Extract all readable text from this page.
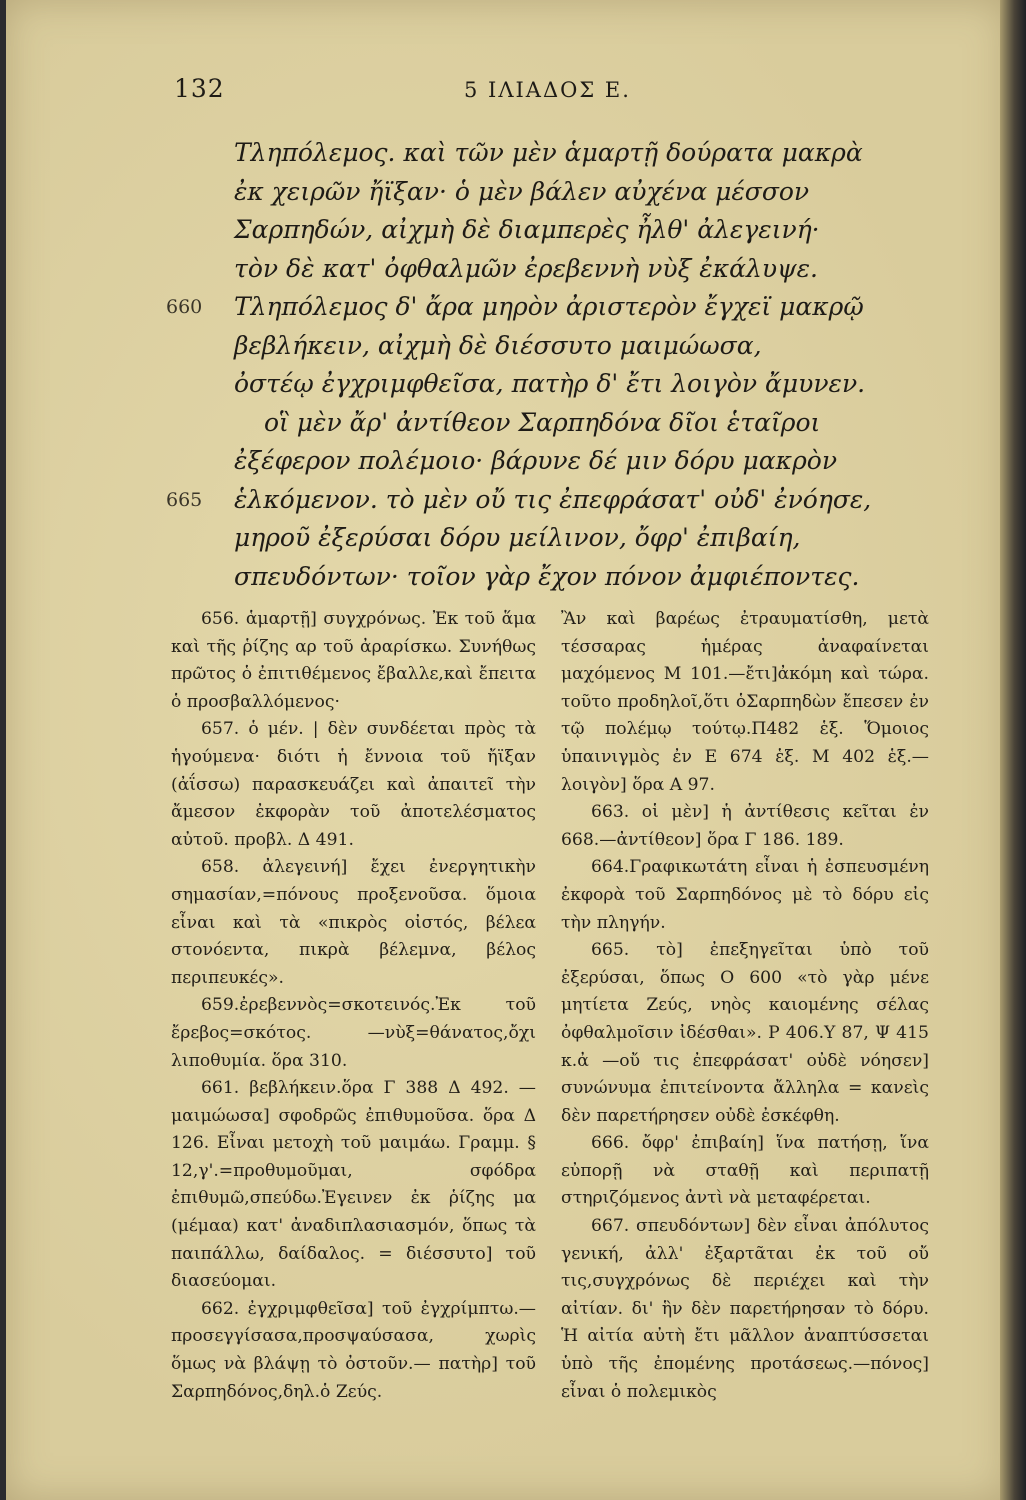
132	5 ΙΛΙΑΔΟΣ Ε.
Τληπόλεμος. καὶ τῶν μὲν ἁμαρτῇ δούρατα μακρὰ
ἐκ χειρῶν ἤϊξαν· ὁ μὲν βάλεν αὐχένα μέσσον
Σαρπηδών, αἰχμὴ δὲ διαμπερὲς ἦλθ' ἀλεγεινή·
τὸν δὲ κατ' ὀφθαλμῶν ἐρεβεννὴ νὺξ ἐκάλυψε.
660 Τληπόλεμος δ' ἄρα μηρὸν ἀριστερὸν ἔγχεϊ μακρῷ
βεβλήκειν, αἰχμὴ δὲ διέσσυτο μαιμώωσα,
ὀστέῳ ἐγχριμφθεῖσα, πατὴρ δ' ἔτι λοιγὸν ἄμυνεν.
οἳ μὲν ἄρ' ἀντίθεον Σαρπηδόνα δῖοι ἑταῖροι
ἐξέφερον πολέμοιο· βάρυνε δέ μιν δόρυ μακρὸν
665 ἑλκόμενον. τὸ μὲν οὔ τις ἐπεφράσατ' οὐδ' ἐνόησε,
μηροῦ ἐξερύσαι δόρυ μείλινον, ὄφρ' ἐπιβαίη,
σπευδόντων· τοῖον γὰρ ἔχον πόνον ἀμφιέποντες.

656. ἁμαρτῇ] συγχρόνως. Ἐκ τοῦ ἅμα καὶ τῆς ῥίζης αρ τοῦ ἀραρίσκω. Συνήθως πρῶτος ὁ ἐπιτιθέμενος ἔβαλλε,καὶ ἔπειτα ὁ προσβαλλόμενος·

657. ὁ μέν. | δὲν συνδέεται πρὸς τὰ ἡγούμενα· διότι ἡ ἔννοια τοῦ ἤϊξαν (ἀΐσσω) παρασκευάζει καὶ ἀπαιτεῖ τὴν ἄμεσον ἐκφορὰν τοῦ ἀποτελέσματος αὐτοῦ. προβλ. Δ 491.

658. ἀλεγεινή] ἔχει ἐνεργητικὴν σημασίαν,=πόνους προξενοῦσα. ὅμοια εἶναι καὶ τὰ «πικρὸς οἰστός, βέλεα στονόεντα, πικρὰ βέλεμνα, βέλος περιπευκές».

659.ἐρεβεννὸς=σκοτεινός.Ἐκ τοῦ ἔρεβος=σκότος. —νὺξ=θάνατος,ὄχι λιποθυμία. ὅρα 310.

661. βεβλήκειν.ὅρα Γ 388 Δ 492. —μαιμώωσα] σφοδρῶς ἐπιθυμοῦσα. ὅρα Δ 126. Εἶναι μετοχὴ τοῦ μαιμάω. Γραμμ. § 12,γ'.=προθυμοῦμαι, σφόδρα ἐπιθυμῶ,σπεύδω.Ἐγεινεν ἐκ ῥίζης μα (μέμαα) κατ' ἀναδιπλασιασμόν, ὅπως τὰ παιπάλλω, δαίδαλος. = διέσσυτο] τοῦ διασεύομαι.

662. ἐγχριμφθεῖσα] τοῦ ἐγχρίμπτω.—προσεγγίσασα,προσψαύσασα, χωρὶς ὅμως νὰ βλάψῃ τὸ ὀστοῦν.— πατὴρ] τοῦ Σαρπηδόνος,δηλ.ὁ Ζεύς.

Ἂν καὶ βαρέως ἐτραυματίσθη, μετὰ τέσσαρας ἡμέρας ἀναφαίνεται μαχόμενος Μ 101.—ἔτι]ἀκόμη καὶ τώρα. τοῦτο προδηλοῖ,ὅτι ὁΣαρπηδὼν ἔπεσεν ἐν τῷ πολέμῳ τούτῳ.Π482 ἑξ. Ὅμοιος ὑπαινιγμὸς ἐν Ε 674 ἑξ. Μ 402 ἑξ.—λοιγὸν] ὅρα Α 97.

663. οἱ μὲν] ἡ ἀντίθεσις κεῖται ἐν 668.—ἀντίθεον] ὅρα Γ 186. 189.

664.Γραφικωτάτη εἶναι ἡ ἐσπευσμένη ἐκφορὰ τοῦ Σαρπηδόνος μὲ τὸ δόρυ εἰς τὴν πληγήν.

665. τὸ] ἐπεξηγεῖται ὑπὸ τοῦ ἐξερύσαι, ὅπως Ο 600 «τὸ γὰρ μένε μητίετα Ζεύς, νηὸς καιομένης σέλας ὀφθαλμοῖσιν ἰδέσθαι». Ρ 406.Υ 87, Ψ 415 κ.ἀ —οὔ τις ἐπεφράσατ' οὐδὲ νόησεν] συνώνυμα ἐπιτείνοντα ἄλληλα = κανεὶς δὲν παρετήρησεν οὐδὲ ἐσκέφθη.

666. ὄφρ' ἐπιβαίη] ἵνα πατήσῃ, ἵνα εὐπορῇ νὰ σταθῇ καὶ περιπατῇ στηριζόμενος ἀντὶ νὰ μεταφέρεται.

667. σπευδόντων] δὲν εἶναι ἀπόλυτος γενική, ἀλλ' ἐξαρτᾶται ἐκ τοῦ οὔ τις,συγχρόνως δὲ περιέχει καὶ τὴν αἰτίαν. δι' ἣν δὲν παρετήρησαν τὸ δόρυ. Ἡ αἰτία αὐτὴ ἔτι μᾶλλον ἀναπτύσσεται ὑπὸ τῆς ἐπομένης προτάσεως.—πόνος] εἶναι ὁ πολεμικὸς
